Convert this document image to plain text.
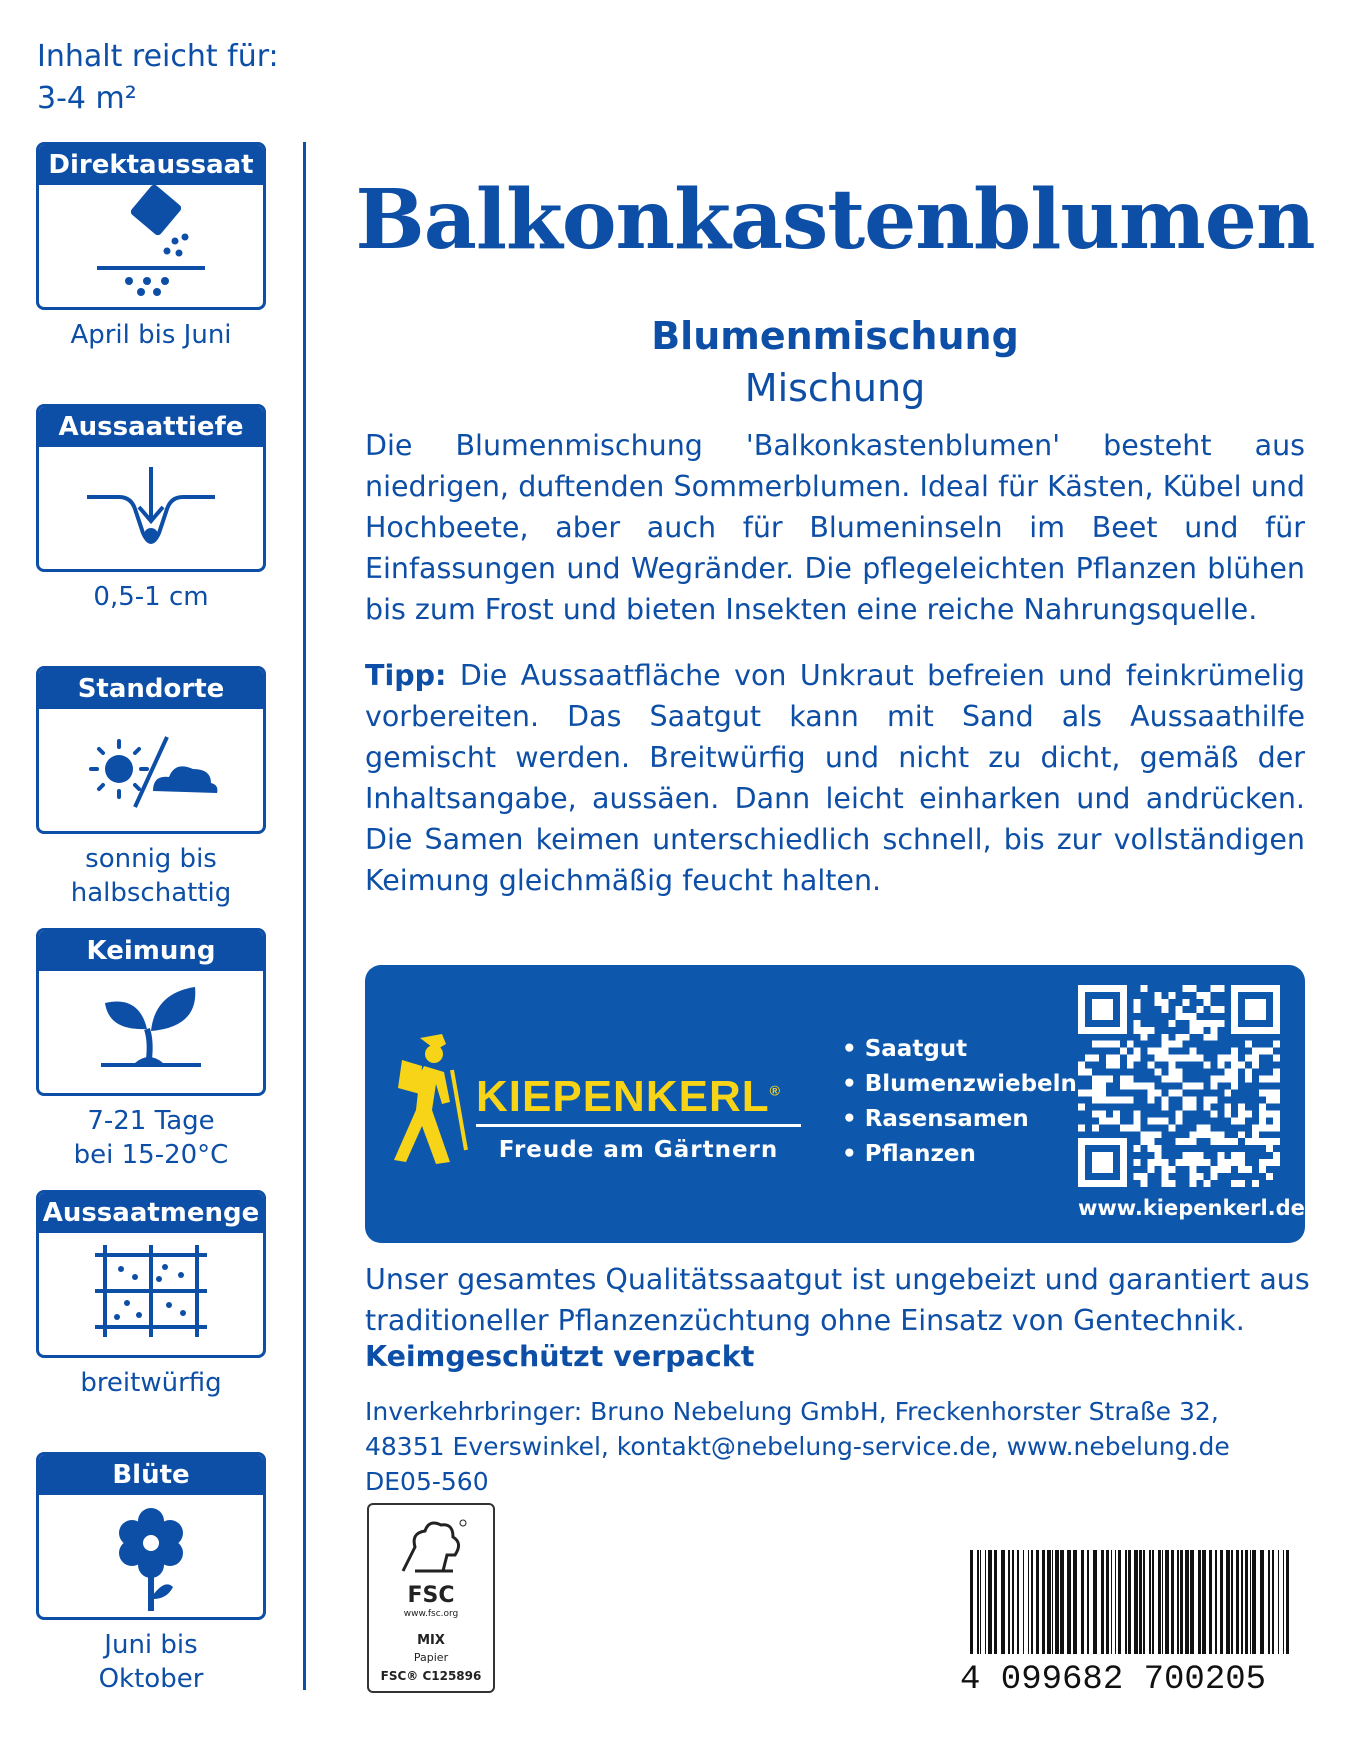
Inhalt reicht für:
3-4 m²
Direktaussaat
April bis Juni
Aussaattiefe
0,5-1 cm
Standorte
sonnig bis
halbschattig
Keimung
7-21 Tage
bei 15-20°C
Aussaatmenge
breitwürfig
Blüte
Juni bis
Oktober
Balkonkastenblumen
Blumenmischung
Mischung
Die Blumenmischung 'Balkonkastenblumen' besteht aus niedrigen, duftenden Sommerblumen. Ideal für Kästen, Kübel und Hochbeete, aber auch für Blumeninseln im Beet und für Einfassungen und Wegränder. Die pflegeleichten Pflanzen blühen bis zum Frost und bieten Insekten eine reiche Nahrungsquelle.
Tipp: Die Aussaatfläche von Unkraut befreien und feinkrümelig vorbereiten. Das Saatgut kann mit Sand als Aussaathilfe gemischt werden. Breitwürfig und nicht zu dicht, gemäß der Inhaltsangabe, aussäen. Dann leicht einharken und andrücken. Die Samen keimen unterschiedlich schnell, bis zur vollständigen Keimung gleichmäßig feucht halten.
KIEPENKERL®
Freude am Gärtnern
• Saatgut
• Blumenzwiebeln
• Rasensamen
• Pflanzen
www.kiepenkerl.de
Unser gesamtes Qualitätssaatgut ist ungebeizt und garantiert aus traditioneller Pflanzenzüchtung ohne Einsatz von Gentechnik.
Keimgeschützt verpackt
Inverkehrbringer: Bruno Nebelung GmbH, Freckenhorster Straße 32,
48351 Everswinkel, kontakt@nebelung-service.de, www.nebelung.de
DE05-560
FSC
www.fsc.org
MIX
Papier
FSC® C125896	4 099682 700205
